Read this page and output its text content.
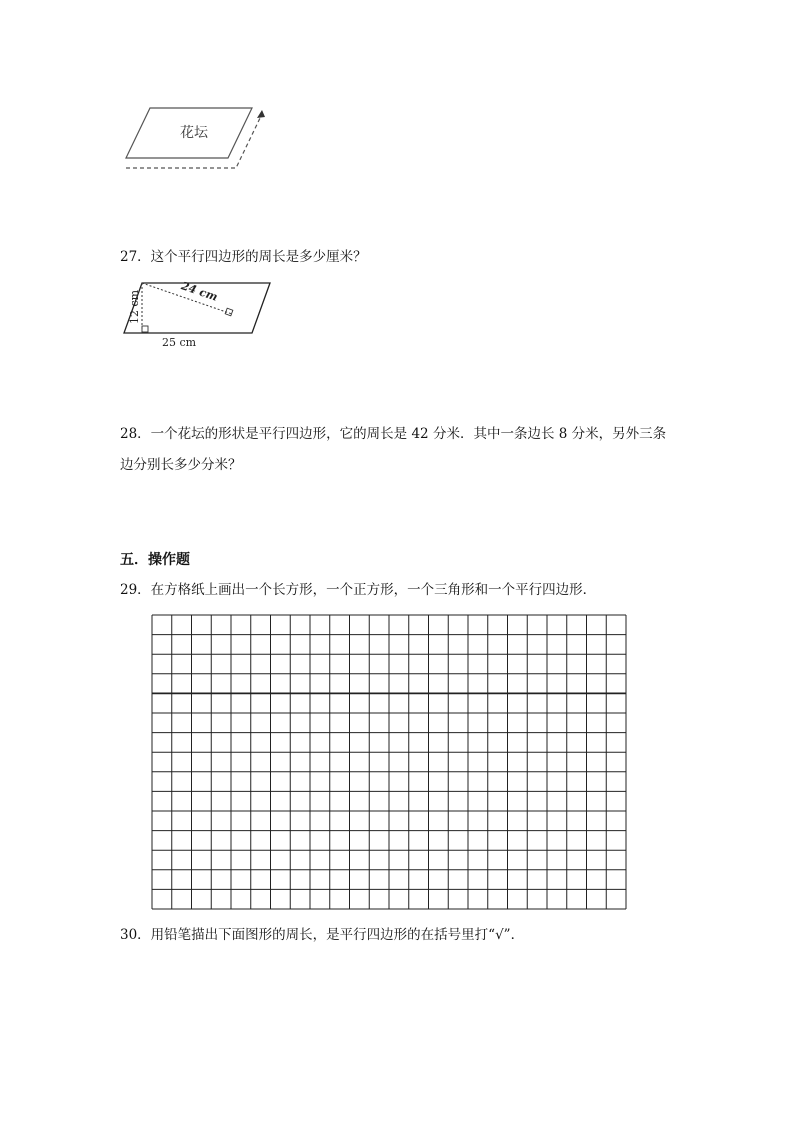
花坛
27．这个平行四边形的周长是多少厘米？
24 cm
12 cm
25 cm
28．一个花坛的形状是平行四边形，它的周长是 42 分米．其中一条边长 8 分米，另外三条
边分别长多少分米？
五．操作题
29．在方格纸上画出一个长方形，一个正方形，一个三角形和一个平行四边形．
30．用铅笔描出下面图形的周长，是平行四边形的在括号里打“√”．
